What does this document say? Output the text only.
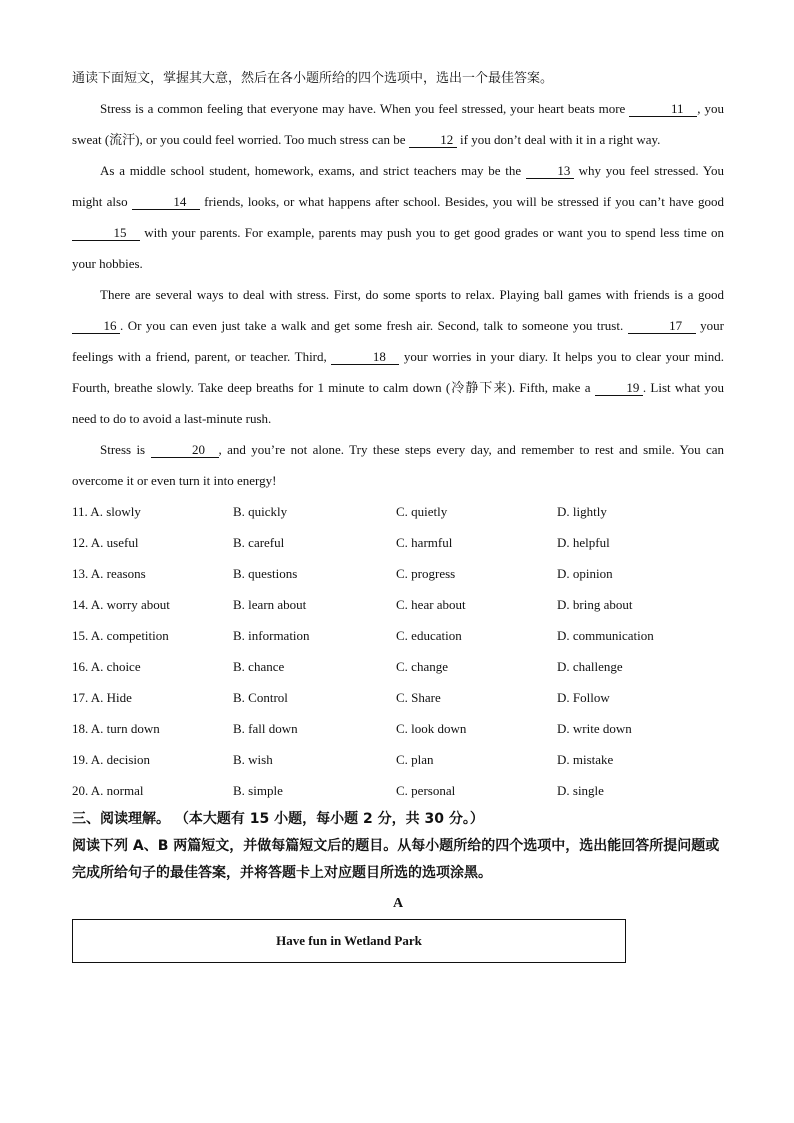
通读下面短文，掌握其大意，然后在各小题所给的四个选项中，选出一个最佳答案。
Stress is a common feeling that everyone may have. When you feel stressed, your heart beats more	11 , you sweat (流汗), or you could feel worried. Too much stress can be 12 if you don’t deal with it in a right way.
As a middle school student, homework, exams, and strict teachers may be the 13 why you feel stressed. You might also	14 friends, looks, or what happens after school. Besides, you will be stressed if you can’t have good 15 with your parents. For example, parents may push you to get good grades or want you to spend less time on your hobbies.
There are several ways to deal with stress. First, do some sports to relax. Playing ball games with friends is a good 16 . Or you can even just take a walk and get some fresh air. Second, talk to someone you trust.	17 your feelings with a friend, parent, or teacher. Third,	18 your worries in your diary. It helps you to clear your mind. Fourth, breathe slowly. Take deep breaths for 1 minute to calm down (冷静下来). Fifth, make a 19 . List what you need to do to avoid a last-minute rush.
Stress is	20 , and you’re not alone. Try these steps every day, and remember to rest and smile. You can overcome it or even turn it into energy!
11. A. slowly	B. quickly	C. quietly	D. lightly
12. A. useful	B. careful	C. harmful	D. helpful
13. A. reasons	B. questions	C. progress	D. opinion
14. A. worry about	B. learn about	C. hear about	D. bring about
15. A. competition	B. information	C. education	D. communication
16. A. choice	B. chance	C. change	D. challenge
17. A. Hide	B. Control	C. Share	D. Follow
18. A. turn down	B. fall down	C. look down	D. write down
19. A. decision	B. wish	C. plan	D. mistake
20. A. normal	B. simple	C. personal	D. single
三、阅读理解。 （本大题有 15 小题，每小题 2 分，共 30 分。）
阅读下列 A、B 两篇短文，并做每篇短文后的题目。从每小题所给的四个选项中，选出能回答所提问题或完成所给句子的最佳答案，并将答题卡上对应题目所选的选项涂黑。
A
Have fun in Wetland Park
